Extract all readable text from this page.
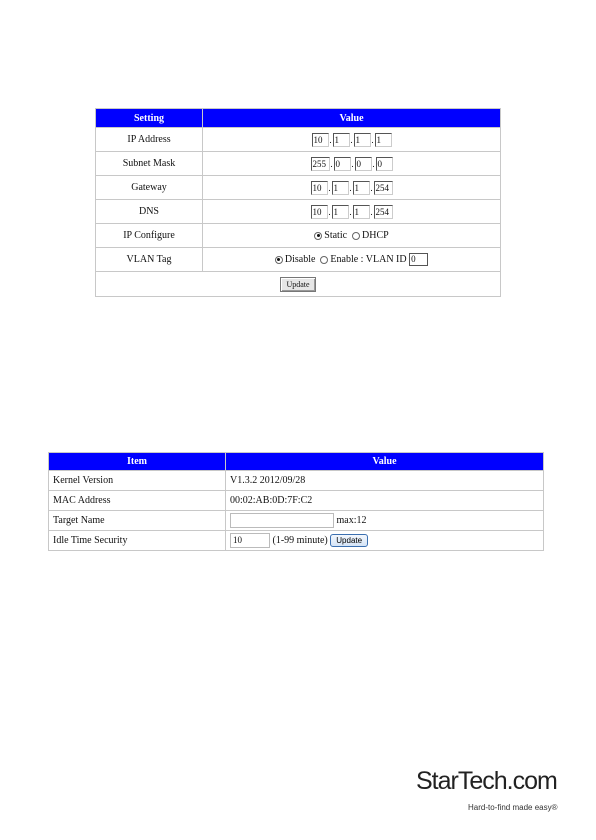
Setting	Value
IP Address	10 . 1 . 1 . 1
Subnet Mask	255 . 0 . 0 . 0
Gateway	10 . 1 . 1 . 254
DNS	10 . 1 . 1 . 254
IP Configure	Static DHCP
VLAN Tag	Disable Enable : VLAN ID 0
Update	
Item	Value
Kernel Version	V1.3.2 2012/09/28
MAC Address	00:02:AB:0D:7F:C2
Target Name	max:12
Idle Time Security	10 (1-99 minute) Update
StarTech.com
Hard-to-find made easy®
